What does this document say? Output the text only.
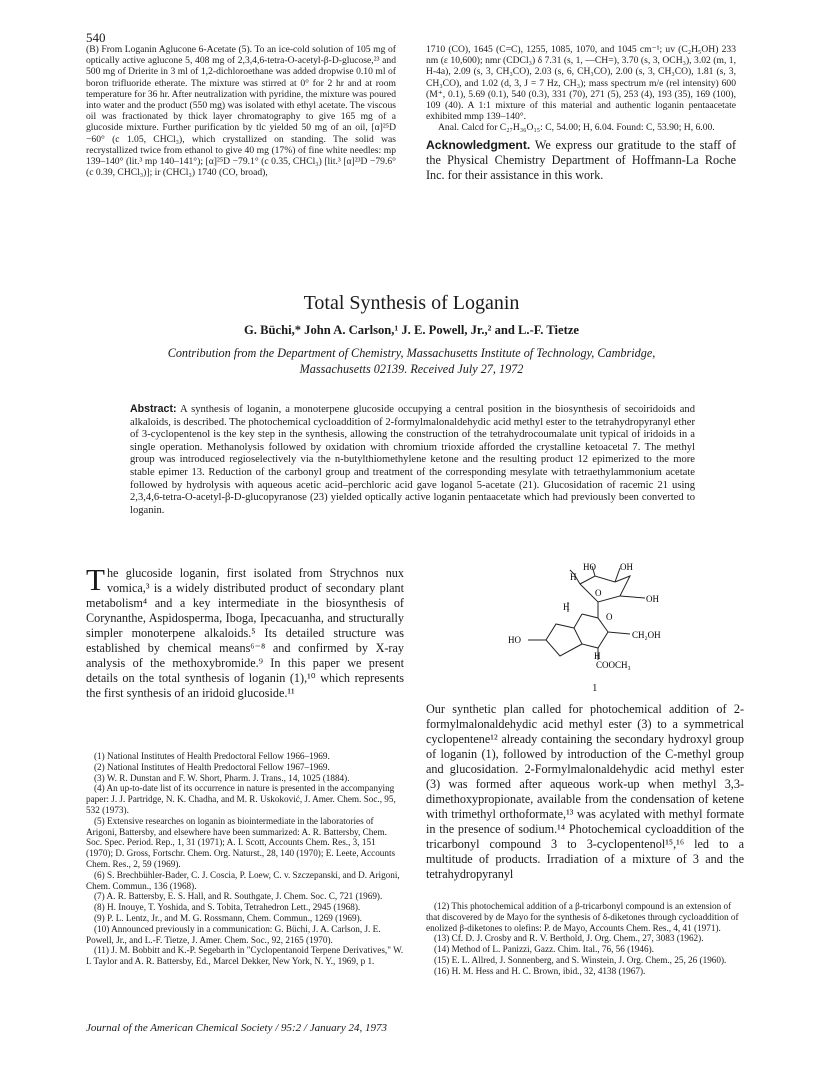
540

(B) From Loganin Aglucone 6-Acetate (5). To an ice-cold solution of 105 mg of optically active aglucone 5, 408 mg of 2,3,4,6-tetra-O-acetyl-β-D-glucose,²³ and 500 mg of Drierite in 3 ml of 1,2-dichloroethane was added dropwise 0.10 ml of boron trifluoride etherate. The mixture was stirred at 0° for 2 hr and at room temperature for 36 hr. After neutralization with pyridine, the mixture was poured into water and the product (550 mg) was isolated with ethyl acetate. The viscous oil was fractionated by thick layer chromatography to give 165 mg of a glucoside mixture. Further purification by tlc yielded 50 mg of an oil, [α]²⁵D −60° (c 1.05, CHCl₃), which crystallized on standing. The solid was recrystallized twice from ethanol to give 40 mg (17%) of fine white needles: mp 139–140° (lit.³ mp 140–141°); [α]²⁵D −79.1° (c 0.35, CHCl₃) [lit.³ [α]²³D −79.6° (c 0.39, CHCl₃)]; ir (CHCl₃) 1740 (CO, broad),

1710 (CO), 1645 (C=C), 1255, 1085, 1070, and 1045 cm⁻¹; uv (C₂H₅OH) 233 nm (ε 10,600); nmr (CDCl₃) δ 7.31 (s, 1, —CH=), 3.70 (s, 3, OCH₃), 3.02 (m, 1, H-4a), 2.09 (s, 3, CH₃CO), 2.03 (s, 6, CH₃CO), 2.00 (s, 3, CH₃CO), 1.81 (s, 3, CH₃CO), and 1.02 (d, 3, J = 7 Hz, CH₃); mass spectrum m/e (rel intensity) 600 (M⁺, 0.1), 5.69 (0.1), 540 (0.3), 331 (70), 271 (5), 253 (4), 193 (35), 169 (100), 109 (40). A 1:1 mixture of this material and authentic loganin pentaacetate exhibited mmp 139–140°.

Anal. Calcd for C₂₇H₃₆O₁₅: C, 54.00; H, 6.04. Found: C, 53.90; H, 6.00.

Acknowledgment. We express our gratitude to the staff of the Physical Chemistry Department of Hoffmann-La Roche Inc. for their assistance in this work.

Total Synthesis of Loganin
G. Büchi,* John A. Carlson,¹ J. E. Powell, Jr.,² and L.-F. Tietze
Contribution from the Department of Chemistry, Massachusetts Institute of Technology, Cambridge, Massachusetts 02139. Received July 27, 1972
Abstract: A synthesis of loganin, a monoterpene glucoside occupying a central position in the biosynthesis of secoiridoids and alkaloids, is described. The photochemical cycloaddition of 2-formylmalonaldehydic acid methyl ester to the tetrahydropyranyl ether of 3-cyclopentenol is the key step in the synthesis, allowing the construction of the tetrahydrocoumalate unit typical of iridoids in a single operation. Methanolysis followed by oxidation with chromium trioxide afforded the crystalline ketoacetal 7. The methyl group was introduced regioselectively via the n-butylthiomethylene ketone and the resulting product 12 epimerized to the more stable epimer 13. Reduction of the carbonyl group and treatment of the corresponding mesylate with tetraethylammonium acetate followed by hydrolysis with aqueous acetic acid–perchloric acid gave loganol 5-acetate (21). Glucosidation of racemic 21 using 2,3,4,6-tetra-O-acetyl-β-D-glucopyranose (23) yielded optically active loganin pentaacetate which had previously been converted to loganin.
The glucoside loganin, first isolated from Strychnos nux vomica,³ is a widely distributed product of secondary plant metabolism⁴ and a key intermediate in the biosynthesis of Corynanthe, Aspidosperma, Iboga, Ipecacuanha, and structurally simpler monoterpene alkaloids.⁵ Its detailed structure was established by chemical means⁶⁻⁸ and confirmed by X-ray analysis of the methoxybromide.⁹ In this paper we present details on the total synthesis of loganin (1),¹⁰ which represents the first synthesis of an iridoid glucoside.¹¹

(1) National Institutes of Health Predoctoral Fellow 1966–1969.

(2) National Institutes of Health Predoctoral Fellow 1967–1969.

(3) W. R. Dunstan and F. W. Short, Pharm. J. Trans., 14, 1025 (1884).

(4) An up-to-date list of its occurrence in nature is presented in the accompanying paper: J. J. Partridge, N. K. Chadha, and M. R. Uskoković, J. Amer. Chem. Soc., 95, 532 (1973).

(5) Extensive researches on loganin as biointermediate in the laboratories of Arigoni, Battersby, and elsewhere have been summarized: A. R. Battersby, Chem. Soc. Spec. Period. Rep., 1, 31 (1971); A. I. Scott, Accounts Chem. Res., 3, 151 (1970); D. Gross, Fortschr. Chem. Org. Naturst., 28, 140 (1970); E. Leete, Accounts Chem. Res., 2, 59 (1969).

(6) S. Brechbühler-Bader, C. J. Coscia, P. Loew, C. v. Szczepanski, and D. Arigoni, Chem. Commun., 136 (1968).

(7) A. R. Battersby, E. S. Hall, and R. Southgate, J. Chem. Soc. C, 721 (1969).

(8) H. Inouye, T. Yoshida, and S. Tobita, Tetrahedron Lett., 2945 (1968).

(9) P. L. Lentz, Jr., and M. G. Rossmann, Chem. Commun., 1269 (1969).

(10) Announced previously in a communication: G. Büchi, J. A. Carlson, J. E. Powell, Jr., and L.-F. Tietze, J. Amer. Chem. Soc., 92, 2165 (1970).

(11) J. M. Bobbitt and K.-P. Segebarth in "Cyclopentanoid Terpene Derivatives," W. I. Taylor and A. R. Battersby, Ed., Marcel Dekker, New York, N. Y., 1969, p 1.

HO	OH
H
O
OH
H
O
HO	CH₂OH
H
COOCH₃
1
Our synthetic plan called for photochemical addition of 2-formylmalonaldehydic acid methyl ester (3) to a symmetrical cyclopentene¹² already containing the secondary hydroxyl group of loganin (1), followed by introduction of the C-methyl group and glucosidation. 2-Formylmalonaldehydic acid methyl ester (3) was formed after aqueous work-up when methyl 3,3-dimethoxypropionate, available from the condensation of ketene with trimethyl orthoformate,¹³ was acylated with methyl formate in the presence of sodium.¹⁴ Photochemical cycloaddition of the tricarbonyl compound 3 to 3-cyclopentenol¹⁵,¹⁶ led to a multitude of products. Irradiation of a mixture of 3 and the tetrahydropyranyl

(12) This photochemical addition of a β-tricarbonyl compound is an extension of that discovered by de Mayo for the synthesis of δ-diketones through cycloaddition of enolized β-diketones to olefins: P. de Mayo, Accounts Chem. Res., 4, 41 (1971).

(13) Cf. D. J. Crosby and R. V. Berthold, J. Org. Chem., 27, 3083 (1962).

(14) Method of L. Panizzi, Gazz. Chim. Ital., 76, 56 (1946).

(15) E. L. Allred, J. Sonnenberg, and S. Winstein, J. Org. Chem., 25, 26 (1960).

(16) H. M. Hess and H. C. Brown, ibid., 32, 4138 (1967).

Journal of the American Chemical Society / 95:2 / January 24, 1973
